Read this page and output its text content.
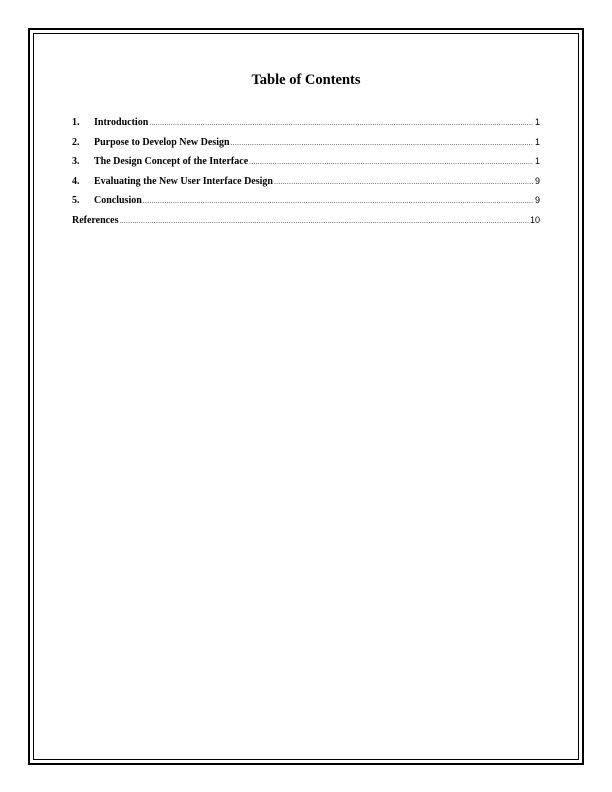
Table of Contents
1.	Introduction .....	1
2.	Purpose to Develop New Design .....	1
3.	The Design Concept of the Interface .....	1
4.	Evaluating the New User Interface Design .....	9
5.	Conclusion .....	9
References .....	10
